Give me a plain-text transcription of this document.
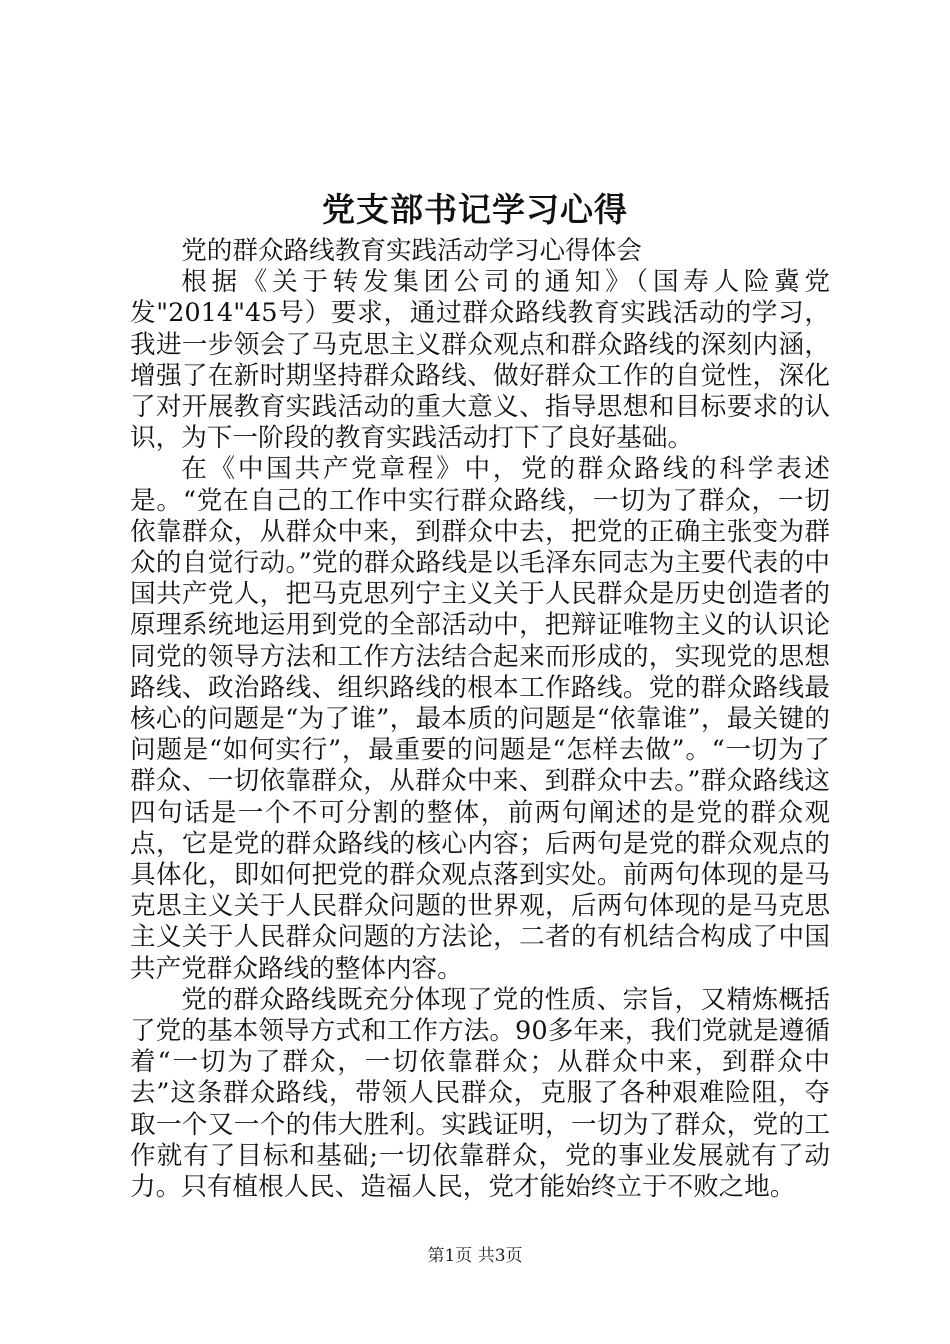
党支部书记学习心得

党的群众路线教育实践活动学习心得体会

根据《关于转发集团公司的通知》（国寿人险冀党发"2014"45号）要求，通过群众路线教育实践活动的学习，我进一步领会了马克思主义群众观点和群众路线的深刻内涵，增强了在新时期坚持群众路线、做好群众工作的自觉性，深化了对开展教育实践活动的重大意义、指导思想和目标要求的认识，为下一阶段的教育实践活动打下了良好基础。

在《中国共产党章程》中，党的群众路线的科学表述是。“党在自己的工作中实行群众路线，一切为了群众，一切依靠群众，从群众中来，到群众中去，把党的正确主张变为群众的自觉行动。”党的群众路线是以毛泽东同志为主要代表的中国共产党人，把马克思列宁主义关于人民群众是历史创造者的原理系统地运用到党的全部活动中，把辩证唯物主义的认识论同党的领导方法和工作方法结合起来而形成的，实现党的思想路线、政治路线、组织路线的根本工作路线。党的群众路线最核心的问题是“为了谁”，最本质的问题是“依靠谁”，最关键的问题是“如何实行”，最重要的问题是“怎样去做”。“一切为了群众、一切依靠群众，从群众中来、到群众中去。”群众路线这四句话是一个不可分割的整体，前两句阐述的是党的群众观点，它是党的群众路线的核心内容；后两句是党的群众观点的具体化，即如何把党的群众观点落到实处。前两句体现的是马克思主义关于人民群众问题的世界观，后两句体现的是马克思主义关于人民群众问题的方法论，二者的有机结合构成了中国共产党群众路线的整体内容。

党的群众路线既充分体现了党的性质、宗旨，又精炼概括了党的基本领导方式和工作方法。90多年来，我们党就是遵循着“一切为了群众，一切依靠群众；从群众中来，到群众中去”这条群众路线，带领人民群众，克服了各种艰难险阻，夺取一个又一个的伟大胜利。实践证明，一切为了群众，党的工作就有了目标和基础;一切依靠群众，党的事业发展就有了动力。只有植根人民、造福人民，党才能始终立于不败之地。

第1页 共3页
